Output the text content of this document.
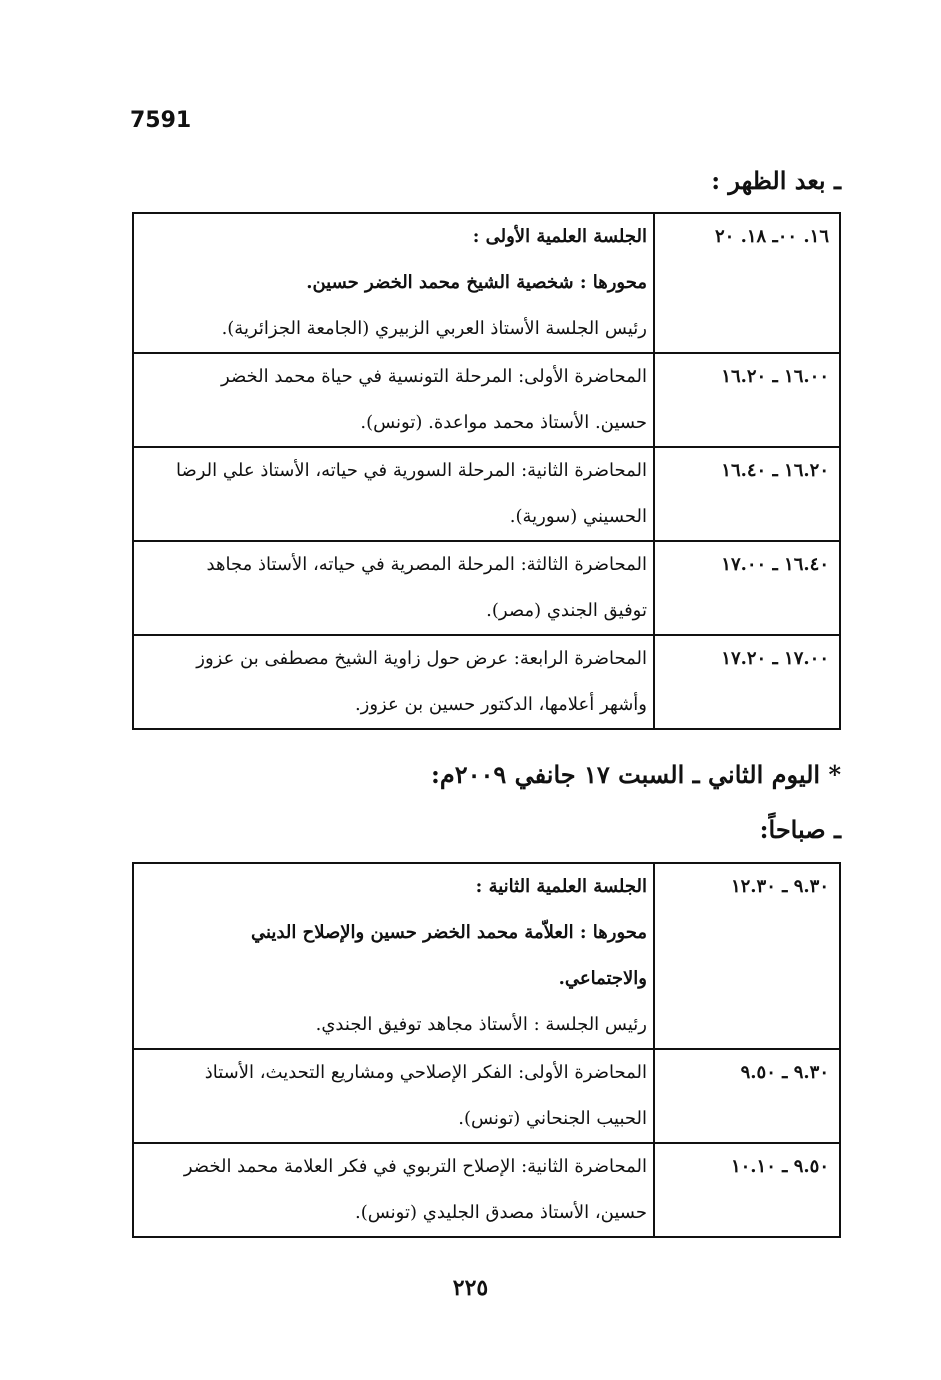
7591
ـ بعد الظهر :
١٦. ٠٠ـ ١٨. ٢٠	الجلسة العلمية الأولى :
محورها : شخصية الشيخ محمد الخضر حسين.
رئيس الجلسة الأستاذ العربي الزبيري (الجامعة الجزائرية).

١٦.٠٠ ـ ١٦.٢٠	المحاضرة الأولى: المرحلة التونسية في حياة محمد الخضر
حسين. الأستاذ محمد مواعدة. (تونس).

١٦.٢٠ ـ ١٦.٤٠	المحاضرة الثانية: المرحلة السورية في حياته، الأستاذ علي الرضا
الحسيني (سورية).

١٦.٤٠ ـ ١٧.٠٠	المحاضرة الثالثة: المرحلة المصرية في حياته، الأستاذ مجاهد
توفيق الجندي (مصر).

١٧.٠٠ ـ ١٧.٢٠	المحاضرة الرابعة: عرض حول زاوية الشيخ مصطفى بن عزوز
وأشهر أعلامها، الدكتور حسين بن عزوز.
* اليوم الثاني ـ السبت ١٧ جانفي ٢٠٠٩م:
ـ صباحاً:
٩.٣٠ ـ ١٢.٣٠	الجلسة العلمية الثانية :
محورها : العلاّمة محمد الخضر حسين والإصلاح الديني
والاجتماعي.
رئيس الجلسة : الأستاذ مجاهد توفيق الجندي.

٩.٣٠ ـ ٩.٥٠	المحاضرة الأولى: الفكر الإصلاحي ومشاريع التحديث، الأستاذ
الحبيب الجنحاني (تونس).

٩.٥٠ ـ ١٠.١٠	المحاضرة الثانية: الإصلاح التربوي في فكر العلامة محمد الخضر
حسين، الأستاذ مصدق الجليدي (تونس).
٢٢٥
